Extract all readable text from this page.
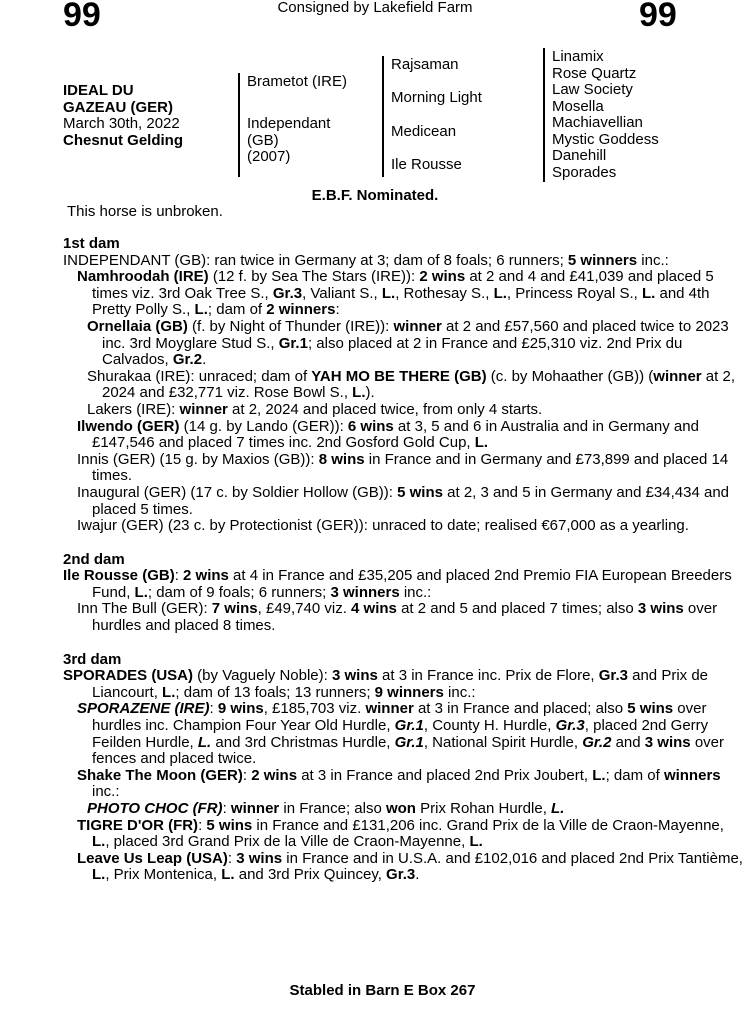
99	Consigned by Lakefield Farm	99
IDEAL DU
GAZEAU (GER)
March 30th, 2022
Chesnut Gelding
Brametot (IRE)
Independant
(GB)
(2007)
Rajsaman
Morning Light
Medicean
Ile Rousse
Linamix
Rose Quartz
Law Society
Mosella
Machiavellian
Mystic Goddess
Danehill
Sporades
E.B.F. Nominated.
This horse is unbroken.

1st dam

INDEPENDANT (GB): ran twice in Germany at 3; dam of 8 foals; 6 runners; 5 winners inc.:

Namhroodah (IRE) (12 f. by Sea The Stars (IRE)): 2 wins at 2 and 4 and £41,039 and placed 5 times viz. 3rd Oak Tree S., Gr.3, Valiant S., L., Rothesay S., L., Princess Royal S., L. and 4th Pretty Polly S., L.; dam of 2 winners:

Ornellaia (GB) (f. by Night of Thunder (IRE)): winner at 2 and £57,560 and placed twice to 2023 inc. 3rd Moyglare Stud S., Gr.1; also placed at 2 in France and £25,310 viz. 2nd Prix du Calvados, Gr.2.

Shurakaa (IRE): unraced; dam of YAH MO BE THERE (GB) (c. by Mohaather (GB)) (winner at 2, 2024 and £32,771 viz. Rose Bowl S., L.).

Lakers (IRE): winner at 2, 2024 and placed twice, from only 4 starts.

Ilwendo (GER) (14 g. by Lando (GER)): 6 wins at 3, 5 and 6 in Australia and in Germany and £147,546 and placed 7 times inc. 2nd Gosford Gold Cup, L.

Innis (GER) (15 g. by Maxios (GB)): 8 wins in France and in Germany and £73,899 and placed 14 times.

Inaugural (GER) (17 c. by Soldier Hollow (GB)): 5 wins at 2, 3 and 5 in Germany and £34,434 and placed 5 times.

Iwajur (GER) (23 c. by Protectionist (GER)): unraced to date; realised €67,000 as a yearling.

2nd dam

Ile Rousse (GB): 2 wins at 4 in France and £35,205 and placed 2nd Premio FIA European Breeders Fund, L.; dam of 9 foals; 6 runners; 3 winners inc.:

Inn The Bull (GER): 7 wins, £49,740 viz. 4 wins at 2 and 5 and placed 7 times; also 3 wins over hurdles and placed 8 times.

3rd dam

SPORADES (USA) (by Vaguely Noble): 3 wins at 3 in France inc. Prix de Flore, Gr.3 and Prix de Liancourt, L.; dam of 13 foals; 13 runners; 9 winners inc.:

SPORAZENE (IRE): 9 wins, £185,703 viz. winner at 3 in France and placed; also 5 wins over hurdles inc. Champion Four Year Old Hurdle, Gr.1, County H. Hurdle, Gr.3, placed 2nd Gerry Feilden Hurdle, L. and 3rd Christmas Hurdle, Gr.1, National Spirit Hurdle, Gr.2 and 3 wins over fences and placed twice.

Shake The Moon (GER): 2 wins at 3 in France and placed 2nd Prix Joubert, L.; dam of winners inc.:

PHOTO CHOC (FR): winner in France; also won Prix Rohan Hurdle, L.

TIGRE D'OR (FR): 5 wins in France and £131,206 inc. Grand Prix de la Ville de Craon-Mayenne, L., placed 3rd Grand Prix de la Ville de Craon-Mayenne, L.

Leave Us Leap (USA): 3 wins in France and in U.S.A. and £102,016 and placed 2nd Prix Tantième, L., Prix Montenica, L. and 3rd Prix Quincey, Gr.3.

Stabled in Barn E Box 267
